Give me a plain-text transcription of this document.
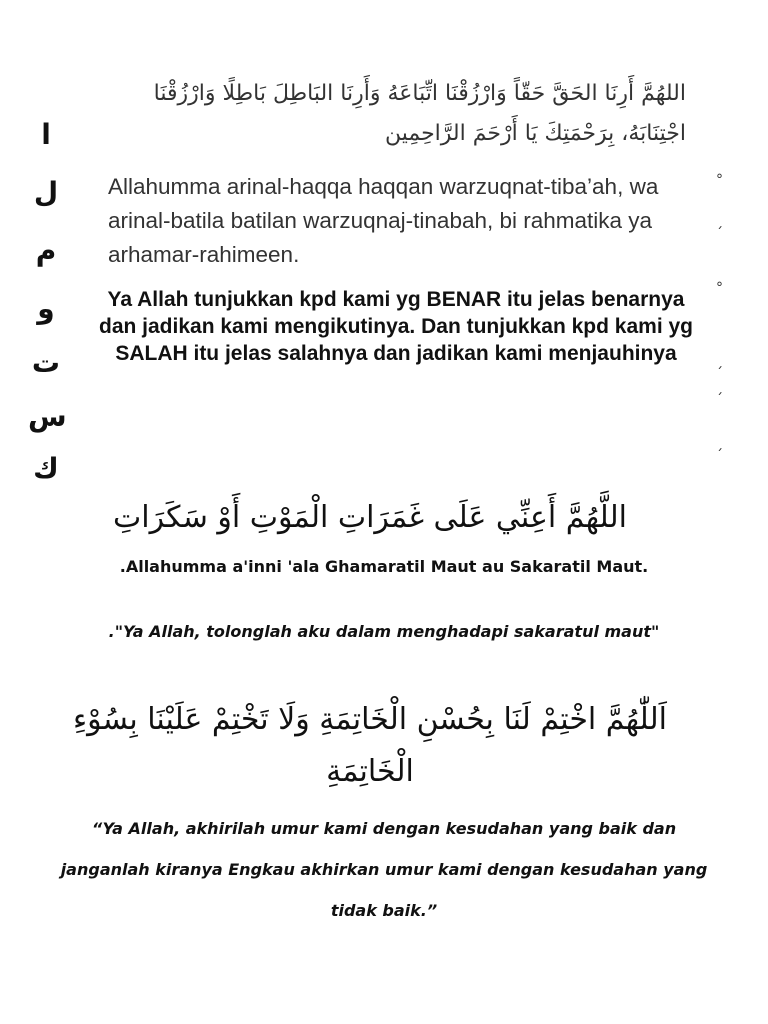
ا
ل
م
و
ت
س
ك
°
ˊ
°
ˊ
ˊ
ˊ
اللهُمَّ أَرِنَا الحَقَّ حَقّاً وَارْزُقْنَا اتِّبَاعَهُ وَأَرِنَا البَاطِلَ بَاطِلًا وَارْزُقْنَا اجْتِنَابَهُ، بِرَحْمَتِكَ يَا أَرْحَمَ الرَّاحِمِين
Allahumma arinal-haqqa haqqan warzuqnat-tiba’ah, wa arinal-batila batilan warzuqnaj-tinabah, bi rahmatika ya arhamar-rahimeen.
Ya Allah tunjukkan kpd kami yg BENAR itu jelas benarnya dan jadikan kami mengikutinya. Dan tunjukkan kpd kami yg SALAH itu jelas salahnya dan jadikan kami menjauhinya
اللَّهُمَّ أَعِنِّي عَلَى غَمَرَاتِ الْمَوْتِ أَوْ سَكَرَاتِ
.Allahumma a'inni 'ala Ghamaratil Maut au Sakaratil Maut.
."Ya Allah, tolonglah aku dalam menghadapi sakaratul maut"
اَللّٰهُمَّ اخْتِمْ لَنَا بِحُسْنِ الْخَاتِمَةِ وَلَا تَخْتِمْ عَلَيْنَا بِسُوْءِ الْخَاتِمَةِ
“Ya Allah, akhirilah umur kami dengan kesudahan yang baik dan janganlah kiranya Engkau akhirkan umur kami dengan kesudahan yang tidak baik.”
